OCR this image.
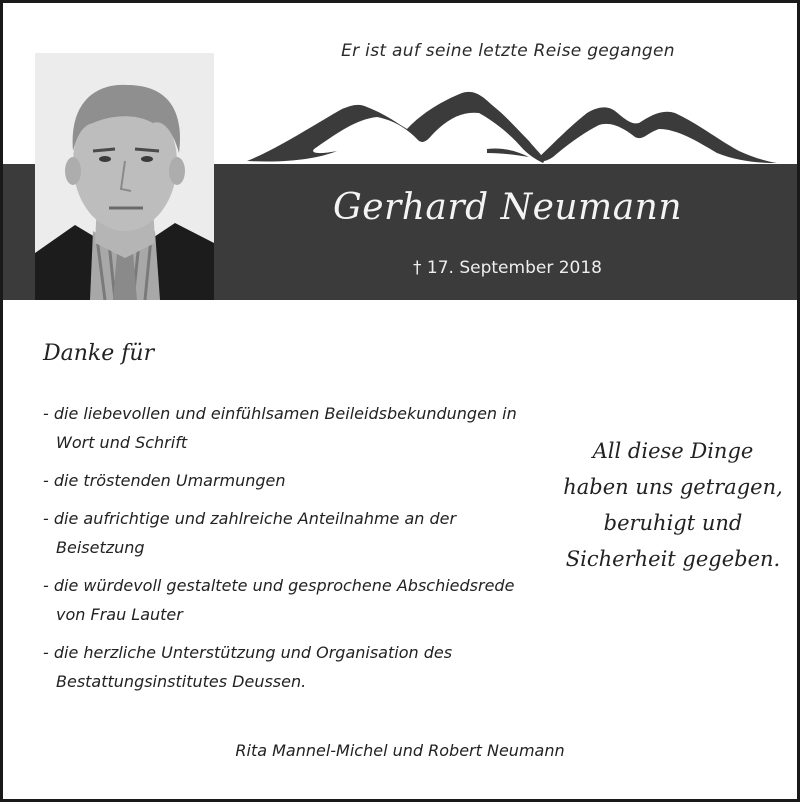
Er ist auf seine letzte Reise gegangen
Gerhard Neumann
† 17. September 2018
Danke für
- die liebevollen und einfühlsamen Beileidsbekundungen in Wort und Schrift
- die tröstenden Umarmungen
- die aufrichtige und zahlreiche Anteilnahme an der Beisetzung
- die würdevoll gestaltete und gesprochene Abschiedsrede von Frau Lauter
- die herzliche Unterstützung und Organisation des Bestattungsinstitutes Deussen.
All diese Dinge
haben uns getragen,
beruhigt und
Sicherheit gegeben.
Rita Mannel-Michel und Robert Neumann
